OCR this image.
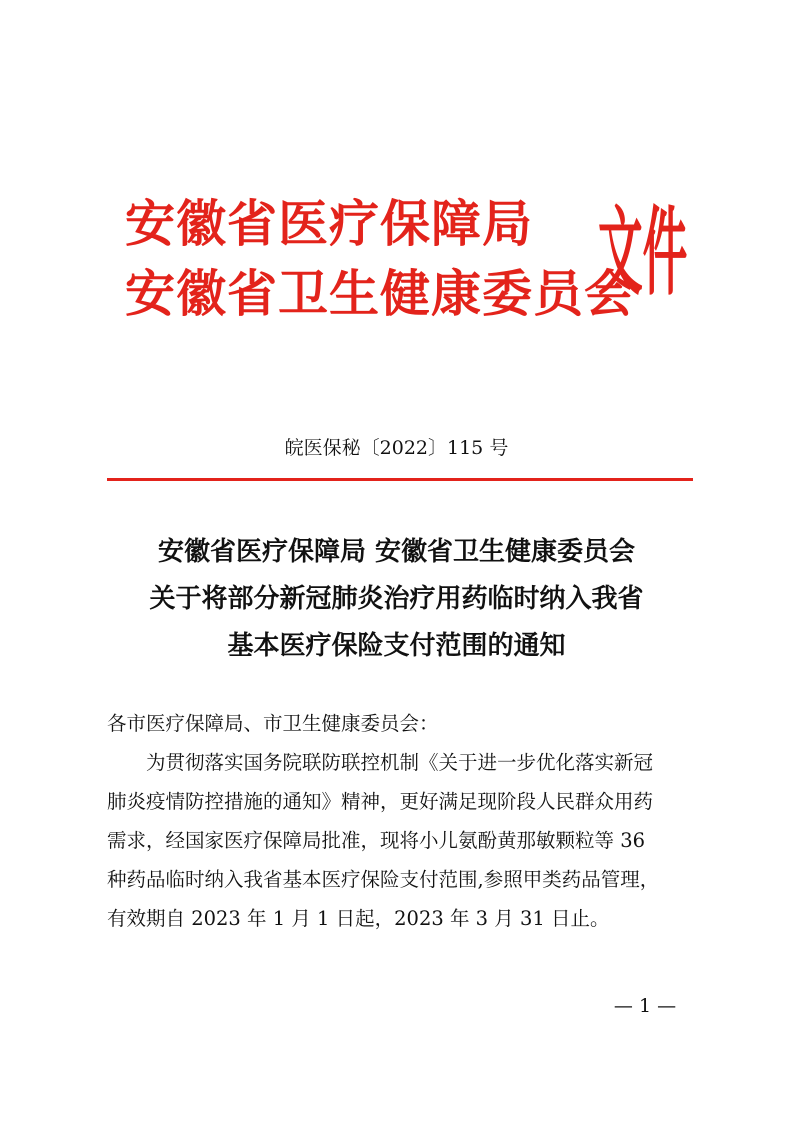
安徽省医疗保障局
安徽省卫生健康委员会
文件
皖医保秘〔2022〕115 号
安徽省医疗保障局 安徽省卫生健康委员会
关于将部分新冠肺炎治疗用药临时纳入我省
基本医疗保险支付范围的通知
各市医疗保障局、市卫生健康委员会：
为贯彻落实国务院联防联控机制《关于进一步优化落实新冠
肺炎疫情防控措施的通知》精神，更好满足现阶段人民群众用药
需求，经国家医疗保障局批准，现将小儿氨酚黄那敏颗粒等 36
种药品临时纳入我省基本医疗保险支付范围,参照甲类药品管理，
有效期自 2023 年 1 月 1 日起，2023 年 3 月 31 日止。
— 1 —
